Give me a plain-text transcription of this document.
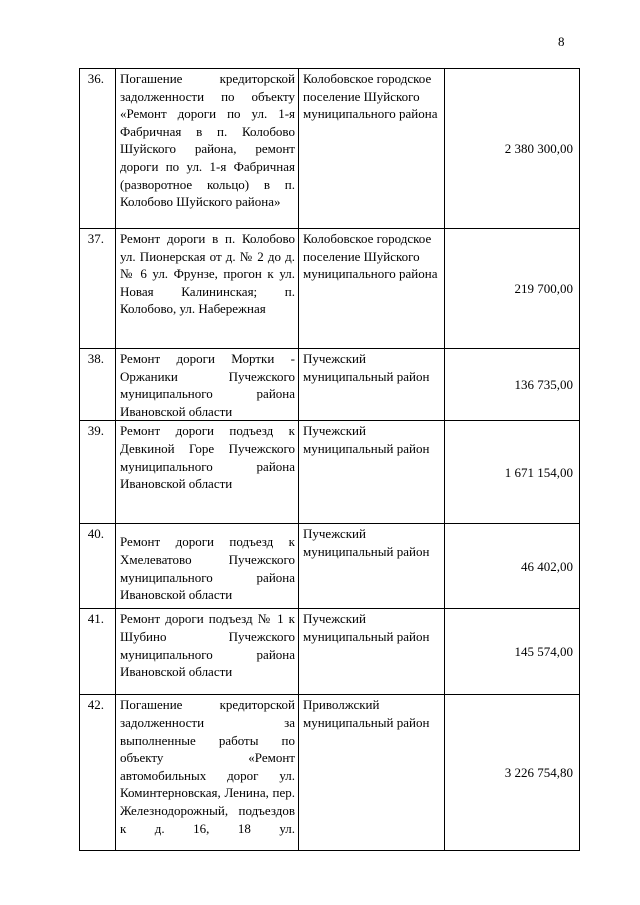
8
36.	Погашение кредиторской задолженности по объекту «Ремонт дороги по ул. 1-я Фабричная в п. Колобово Шуйского района, ремонт дороги по ул. 1-я Фабричная (разворотное кольцо) в п. Колобово Шуйского района»	Колобовское городское поселение Шуйского муниципального района	2 380 300,00
37.	Ремонт дороги в п. Колобово ул. Пионерская от д. № 2 до д. № 6 ул. Фрунзе, прогон к ул. Новая Калининская; п. Колобово, ул. Набережная	Колобовское городское поселение Шуйского муниципального района	219 700,00
38.	Ремонт дороги Мортки - Оржаники Пучежского муниципального района Ивановской области	Пучежский муниципальный район	136 735,00
39.	Ремонт дороги подъезд к Девкиной Горе Пучежского муниципального района Ивановской области	Пучежский муниципальный район	1 671 154,00
40.	Ремонт дороги подъезд к Хмелеватово Пучежского муниципального района Ивановской области	Пучежский муниципальный район	46 402,00
41.	Ремонт дороги подъезд № 1 к Шубино Пучежского муниципального района Ивановской области	Пучежский муниципальный район	145 574,00
42.	Погашение кредиторской задолженности за выполненные работы по объекту «Ремонт автомобильных дорог ул. Коминтерновская, Ленина, пер. Железнодорожный, подъездов к д. 16, 18 ул.	Приволжский муниципальный район	3 226 754,80
